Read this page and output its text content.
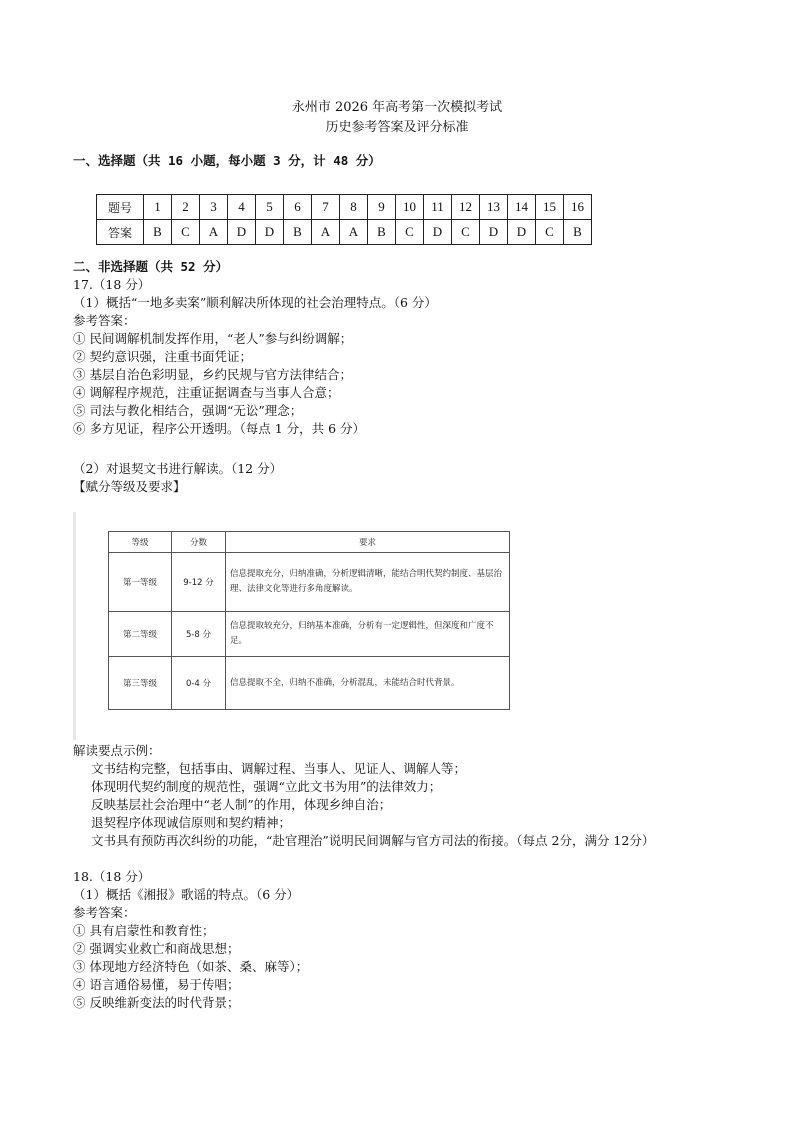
永州市 2026 年高考第一次模拟考试
历史参考答案及评分标准
一、选择题（共 16 小题，每小题 3 分，计 48 分）
题号	1	2	3	4	5	6	7	8	9	10	11	12	13	14	15	16
答案	B	C	A	D	D	B	A	A	B	C	D	C	D	D	C	B
二、非选择题（共 52 分）
17.（18 分）
（1）概括“一地多卖案”顺利解决所体现的社会治理特点。（6 分）
参考答案：
① 民间调解机制发挥作用，“老人”参与纠纷调解；
② 契约意识强，注重书面凭证；
③ 基层自治色彩明显，乡约民规与官方法律结合；
④ 调解程序规范，注重证据调查与当事人合意；
⑤ 司法与教化相结合，强调“无讼”理念；
⑥ 多方见证，程序公开透明。（每点 1 分，共 6 分）
（2）对退契文书进行解读。（12 分）
【赋分等级及要求】
等级	分数	要求
第一等级	9-12 分	信息提取充分，归纳准确，分析逻辑清晰，能结合明代契约制度、基层治理、法律文化等进行多角度解读。
第二等级	5-8 分	信息提取较充分，归纳基本准确，分析有一定逻辑性，但深度和广度不足。
第三等级	0-4 分	信息提取不全，归纳不准确，分析混乱，未能结合时代背景。
解读要点示例：
文书结构完整，包括事由、调解过程、当事人、见证人、调解人等；
体现明代契约制度的规范性，强调“立此文书为用”的法律效力；
反映基层社会治理中“老人制”的作用，体现乡绅自治；
退契程序体现诚信原则和契约精神；
文书具有预防再次纠纷的功能，“赴官理治”说明民间调解与官方司法的衔接。（每点 2分，满分 12分）
18.（18 分）
（1）概括《湘报》歌谣的特点。（6 分）
参考答案：
① 具有启蒙性和教育性；
② 强调实业救亡和商战思想；
③ 体现地方经济特色（如茶、桑、麻等）；
④ 语言通俗易懂，易于传唱；
⑤ 反映维新变法的时代背景；
